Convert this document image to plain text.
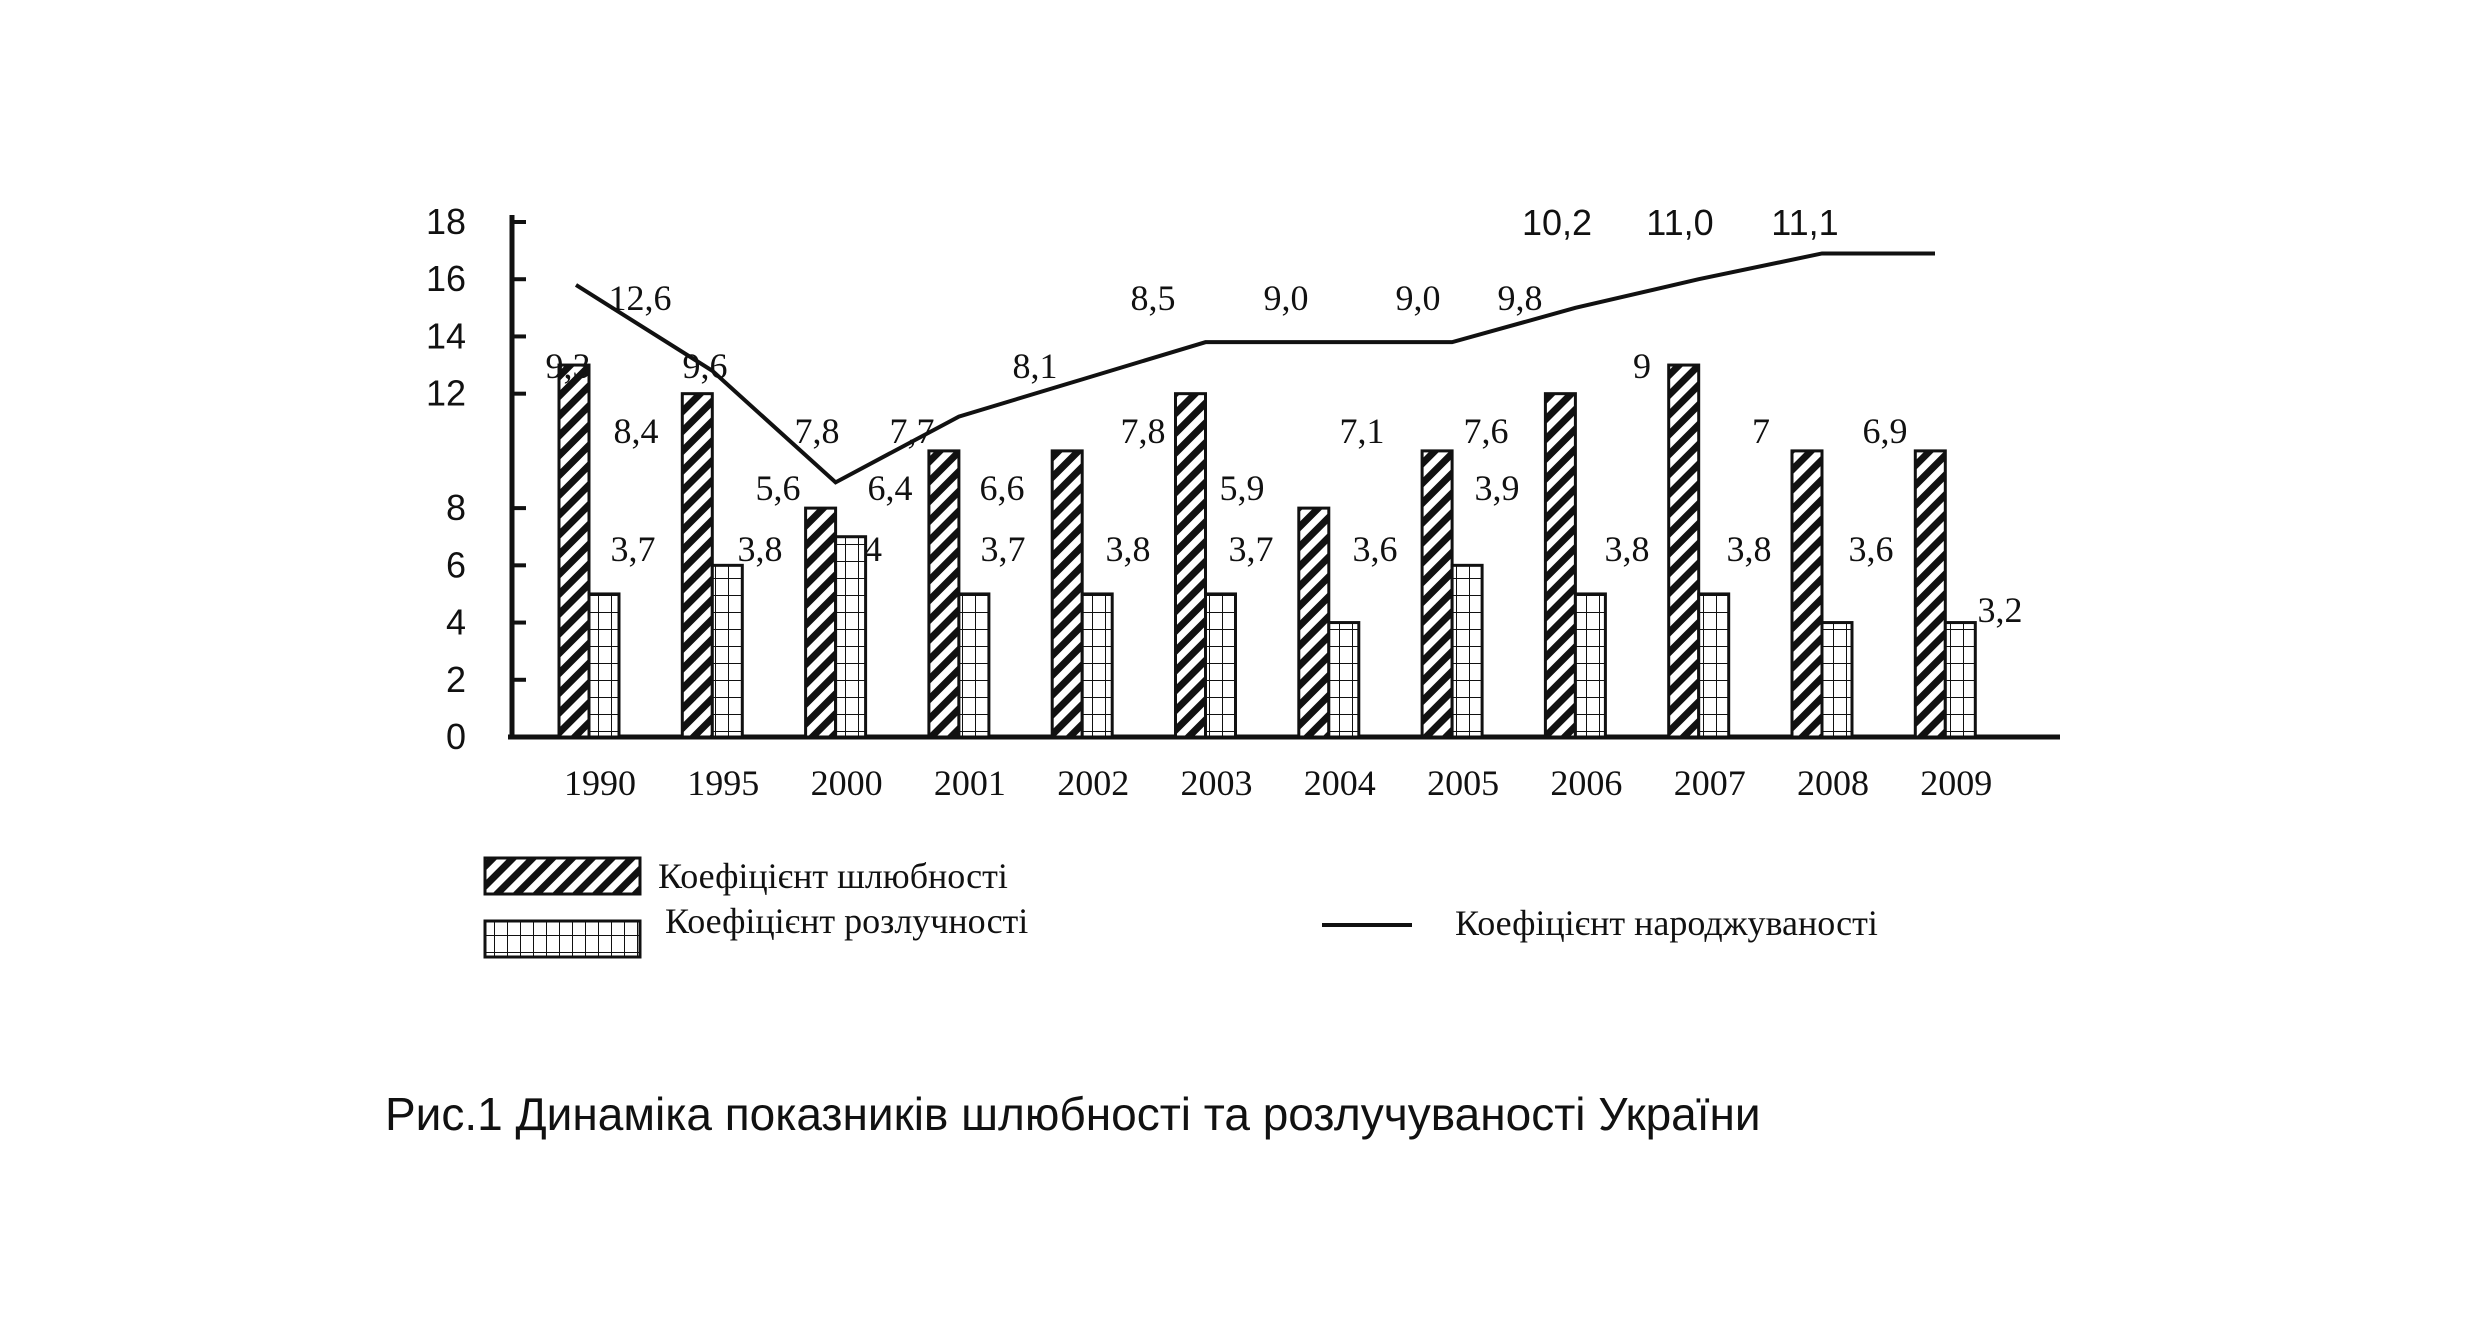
0
2
4
6
8
12
14
16
18
1990 1995 2000 2001 2002 2003 2004 2005 2006 2007 2008 2009
9,3
8,4
5,6
7,7	7,8
5,9
7,1 7,6
9
7	6,9
3,7 3,8 4	3,7 3,8 3,7 3,6
3,9
3,8 3,8 3,6
3,2
12,6
9,6
7,8
6,4 6,6
8,1
8,5 9,0 9,0 9,8
10,2 11,0 11,1
Коефіцієнт шлюбності
Коефіцієнт розлучності	Коефіцієнт народжуваності
Рис.1 Динаміка показників шлюбності та розлучуваності України
